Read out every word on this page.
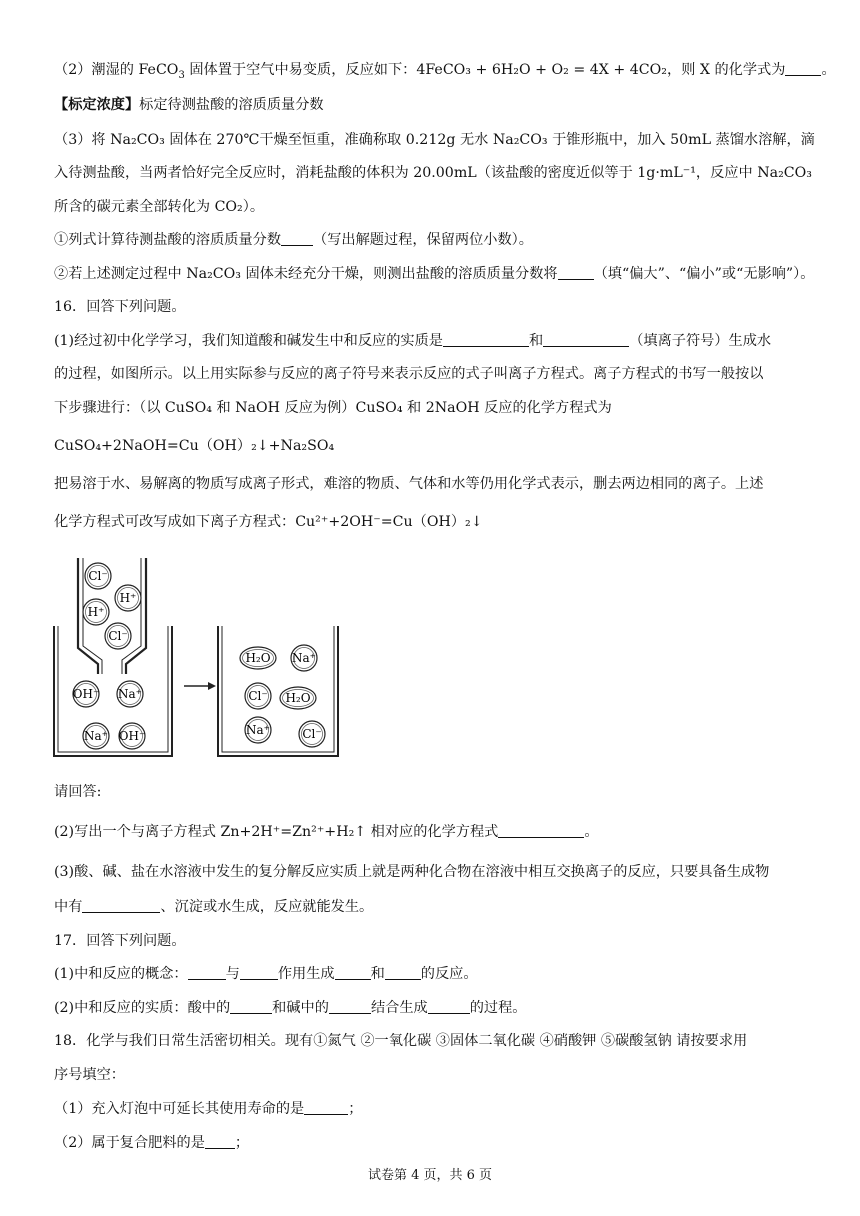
（2）潮湿的 FeCO$_3$ 固体置于空气中易变质，反应如下：4FeCO₃ + 6H₂O + O₂ = 4X + 4CO₂，则 X 的化学式为	。
【标定浓度】标定待测盐酸的溶质质量分数
（3）将 Na₂CO₃ 固体在 270℃干燥至恒重，准确称取 0.212g 无水 Na₂CO₃ 于锥形瓶中，加入 50mL 蒸馏水溶解，滴
入待测盐酸，当两者恰好完全反应时，消耗盐酸的体积为 20.00mL（该盐酸的密度近似等于 1g·mL⁻¹，反应中 Na₂CO₃
所含的碳元素全部转化为 CO₂）。
①列式计算待测盐酸的溶质质量分数 （写出解题过程，保留两位小数）。
②若上述测定过程中 Na₂CO₃ 固体未经充分干燥，则测出盐酸的溶质质量分数将	（填“偏大”、“偏小”或“无影响”）。
16．回答下列问题。
(1)经过初中化学学习，我们知道酸和碱发生中和反应的实质是	和	（填离子符号）生成水
的过程，如图所示。以上用实际参与反应的离子符号来表示反应的式子叫离子方程式。离子方程式的书写一般按以
下步骤进行：（以 CuSO₄ 和 NaOH 反应为例）CuSO₄ 和 2NaOH 反应的化学方程式为
CuSO₄+2NaOH=Cu（OH）₂↓+Na₂SO₄
把易溶于水、易解离的物质写成离子形式，难溶的物质、气体和水等仍用化学式表示，删去两边相同的离子。上述
化学方程式可改写成如下离子方程式：Cu²⁺+2OH⁻=Cu（OH）₂↓
Cl⁻
H⁺
H⁺
Cl⁻
OH⁻ Na⁺
Na⁺ OH⁻
H₂O Na⁺
Cl⁻ H₂O
Na⁺	Cl⁻
请回答:
(2)写出一个与离子方程式 Zn+2H⁺=Zn²⁺+H₂↑ 相对应的化学方程式	。
(3)酸、碱、盐在水溶液中发生的复分解反应实质上就是两种化合物在溶液中相互交换离子的反应，只要具备生成物
中有	、沉淀或水生成，反应就能发生。
17．回答下列问题。
(1)中和反应的概念：	与	作用生成	和	的反应。
(2)中和反应的实质：酸中的	和碱中的	结合生成	的过程。
18．化学与我们日常生活密切相关。现有①氮气 ②一氧化碳 ③固体二氧化碳 ④硝酸钾 ⑤碳酸氢钠 请按要求用
序号填空：
（1）充入灯泡中可延长其使用寿命的是	；
（2）属于复合肥料的是 ；
试卷第 4 页，共 6 页
